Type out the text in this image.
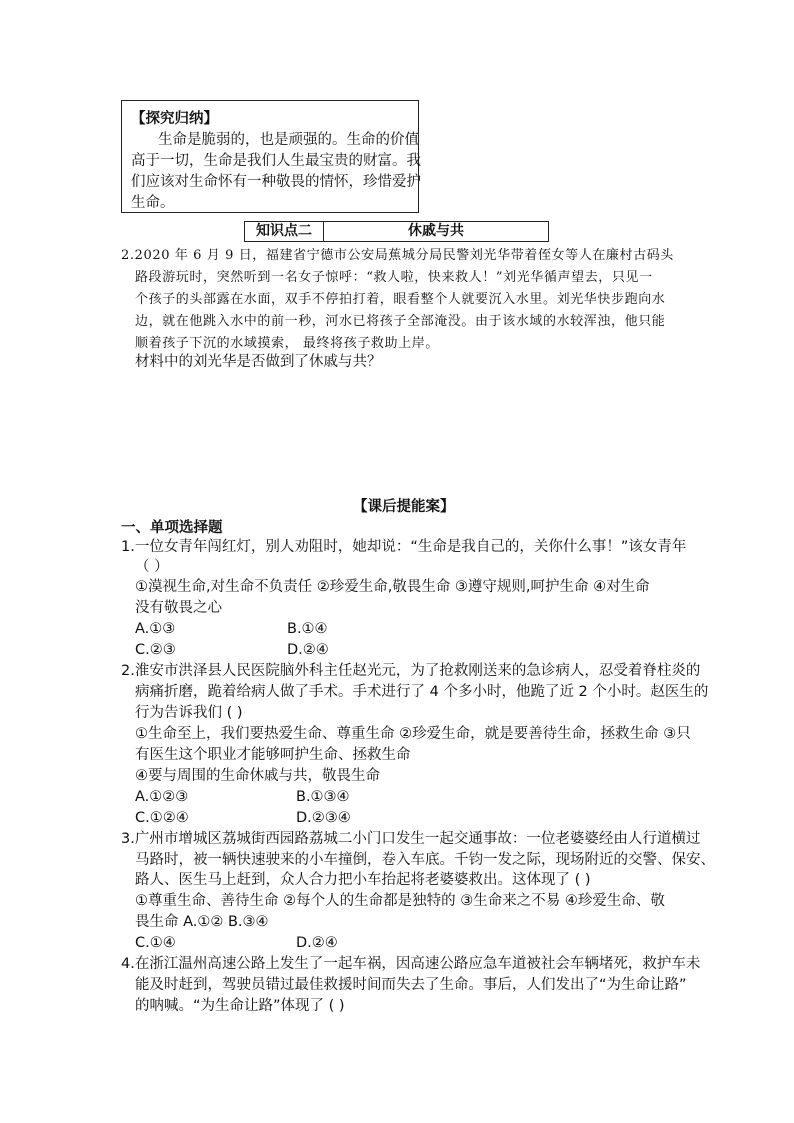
【探究归纳】
生命是脆弱的，也是顽强的。生命的价值
高于一切，生命是我们人生最宝贵的财富。我
们应该对生命怀有一种敬畏的情怀，珍惜爱护
生命。
知识点二	休戚与共
2.2020 年 6 月 9 日，福建省宁德市公安局蕉城分局民警刘光华带着侄女等人在廉村古码头
路段游玩时，突然听到一名女子惊呼：“救人啦，快来救人！”刘光华循声望去，只见一
个孩子的头部露在水面，双手不停拍打着，眼看整个人就要沉入水里。刘光华快步跑向水
边，就在他跳入水中的前一秒，河水已将孩子全部淹没。由于该水域的水较浑浊，他只能
顺着孩子下沉的水域摸索， 最终将孩子救助上岸。
材料中的刘光华是否做到了休戚与共？
【课后提能案】
一、单项选择题
1.一位女青年闯红灯，别人劝阻时，她却说：“生命是我自己的，关你什么事！”该女青年
（ ）
①漠视生命,对生命不负责任 ②珍爱生命,敬畏生命 ③遵守规则,呵护生命 ④对生命
没有敬畏之心
A.①③	B.①④
C.②③	D.②④
2.淮安市洪泽县人民医院脑外科主任赵光元，为了抢救刚送来的急诊病人，忍受着脊柱炎的
病痛折磨，跪着给病人做了手术。手术进行了 4 个多小时，他跪了近 2 个小时。赵医生的
行为告诉我们 ( )
①生命至上，我们要热爱生命、尊重生命 ②珍爱生命，就是要善待生命，拯救生命 ③只
有医生这个职业才能够呵护生命、拯救生命
④要与周围的生命休戚与共，敬畏生命
A.①②③	B.①③④
C.①②④	D.②③④
3.广州市增城区荔城街西园路荔城二小门口发生一起交通事故：一位老婆婆经由人行道横过
马路时，被一辆快速驶来的小车撞倒，卷入车底。千钧一发之际，现场附近的交警、保安、
路人、医生马上赶到，众人合力把小车抬起将老婆婆救出。这体现了 ( )
①尊重生命、善待生命 ②每个人的生命都是独特的 ③生命来之不易 ④珍爱生命、敬
畏生命 A.①② B.③④
C.①④	D.②④
4.在浙江温州高速公路上发生了一起车祸，因高速公路应急车道被社会车辆堵死，救护车未
能及时赶到，驾驶员错过最佳救援时间而失去了生命。事后，人们发出了“为生命让路”
的呐喊。“为生命让路”体现了 ( )
